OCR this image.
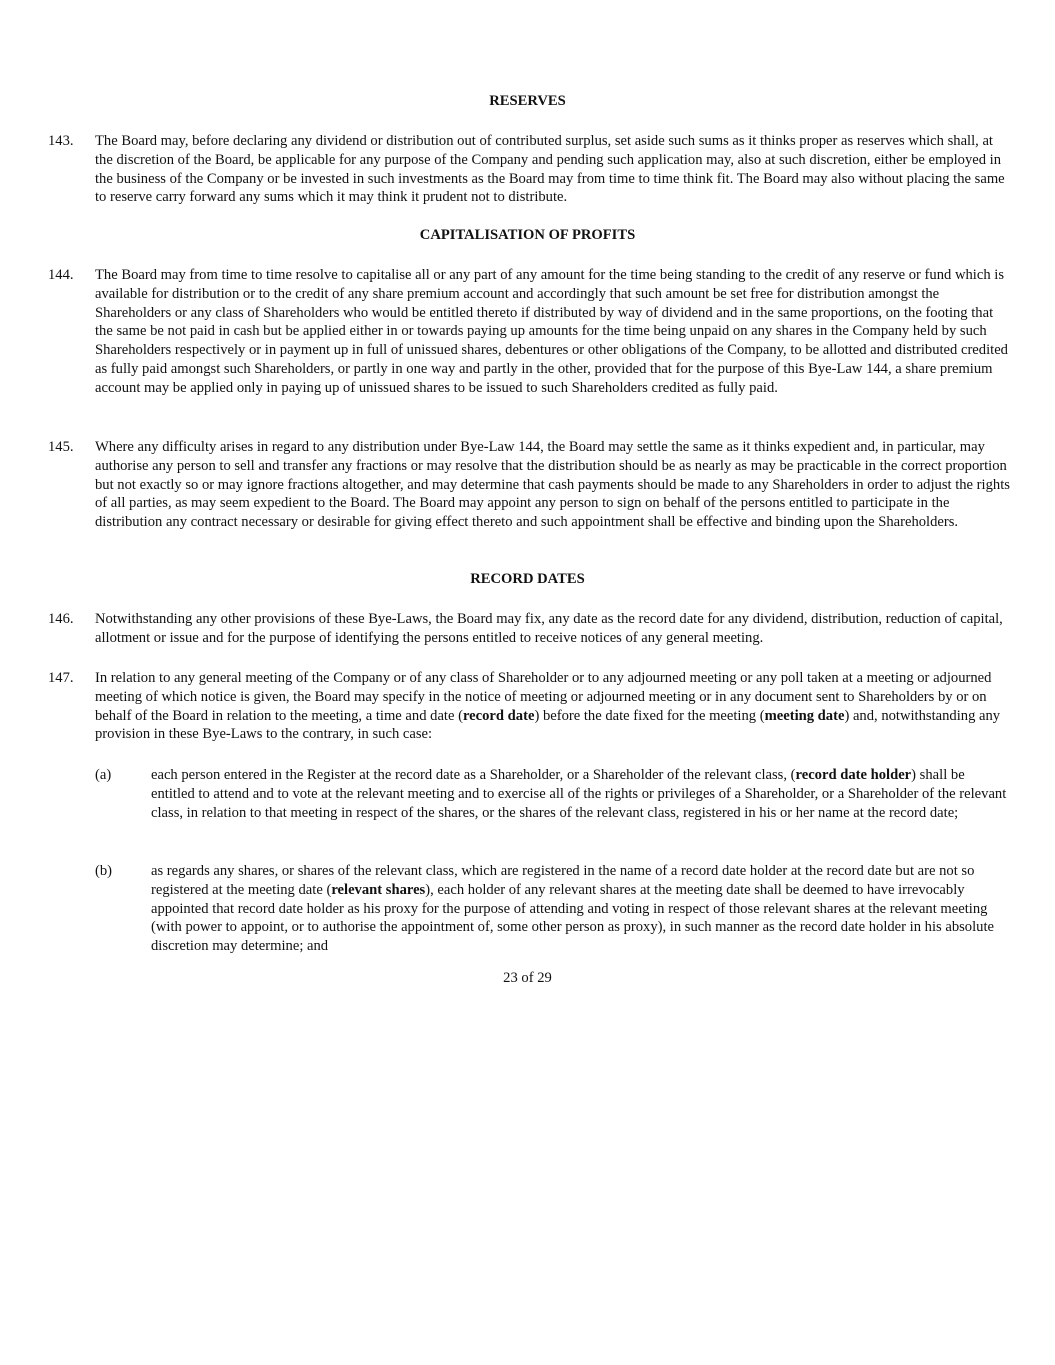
RESERVES
143. The Board may, before declaring any dividend or distribution out of contributed surplus, set aside such sums as it thinks proper as reserves which shall, at the discretion of the Board, be applicable for any purpose of the Company and pending such application may, also at such discretion, either be employed in the business of the Company or be invested in such investments as the Board may from time to time think fit. The Board may also without placing the same to reserve carry forward any sums which it may think it prudent not to distribute.
CAPITALISATION OF PROFITS
144. The Board may from time to time resolve to capitalise all or any part of any amount for the time being standing to the credit of any reserve or fund which is available for distribution or to the credit of any share premium account and accordingly that such amount be set free for distribution amongst the Shareholders or any class of Shareholders who would be entitled thereto if distributed by way of dividend and in the same proportions, on the footing that the same be not paid in cash but be applied either in or towards paying up amounts for the time being unpaid on any shares in the Company held by such Shareholders respectively or in payment up in full of unissued shares, debentures or other obligations of the Company, to be allotted and distributed credited as fully paid amongst such Shareholders, or partly in one way and partly in the other, provided that for the purpose of this Bye-Law 144, a share premium account may be applied only in paying up of unissued shares to be issued to such Shareholders credited as fully paid.
145. Where any difficulty arises in regard to any distribution under Bye-Law 144, the Board may settle the same as it thinks expedient and, in particular, may authorise any person to sell and transfer any fractions or may resolve that the distribution should be as nearly as may be practicable in the correct proportion but not exactly so or may ignore fractions altogether, and may determine that cash payments should be made to any Shareholders in order to adjust the rights of all parties, as may seem expedient to the Board. The Board may appoint any person to sign on behalf of the persons entitled to participate in the distribution any contract necessary or desirable for giving effect thereto and such appointment shall be effective and binding upon the Shareholders.
RECORD DATES
146. Notwithstanding any other provisions of these Bye-Laws, the Board may fix, any date as the record date for any dividend, distribution, reduction of capital, allotment or issue and for the purpose of identifying the persons entitled to receive notices of any general meeting.
147. In relation to any general meeting of the Company or of any class of Shareholder or to any adjourned meeting or any poll taken at a meeting or adjourned meeting of which notice is given, the Board may specify in the notice of meeting or adjourned meeting or in any document sent to Shareholders by or on behalf of the Board in relation to the meeting, a time and date (record date) before the date fixed for the meeting (meeting date) and, notwithstanding any provision in these Bye-Laws to the contrary, in such case:
(a)	each person entered in the Register at the record date as a Shareholder, or a Shareholder of the relevant class, (record date holder) shall be entitled to attend and to vote at the relevant meeting and to exercise all of the rights or privileges of a Shareholder, or a Shareholder of the relevant class, in relation to that meeting in respect of the shares, or the shares of the relevant class, registered in his or her name at the record date;
(b)	as regards any shares, or shares of the relevant class, which are registered in the name of a record date holder at the record date but are not so registered at the meeting date (relevant shares), each holder of any relevant shares at the meeting date shall be deemed to have irrevocably appointed that record date holder as his proxy for the purpose of attending and voting in respect of those relevant shares at the relevant meeting (with power to appoint, or to authorise the appointment of, some other person as proxy), in such manner as the record date holder in his absolute discretion may determine; and
23 of 29
